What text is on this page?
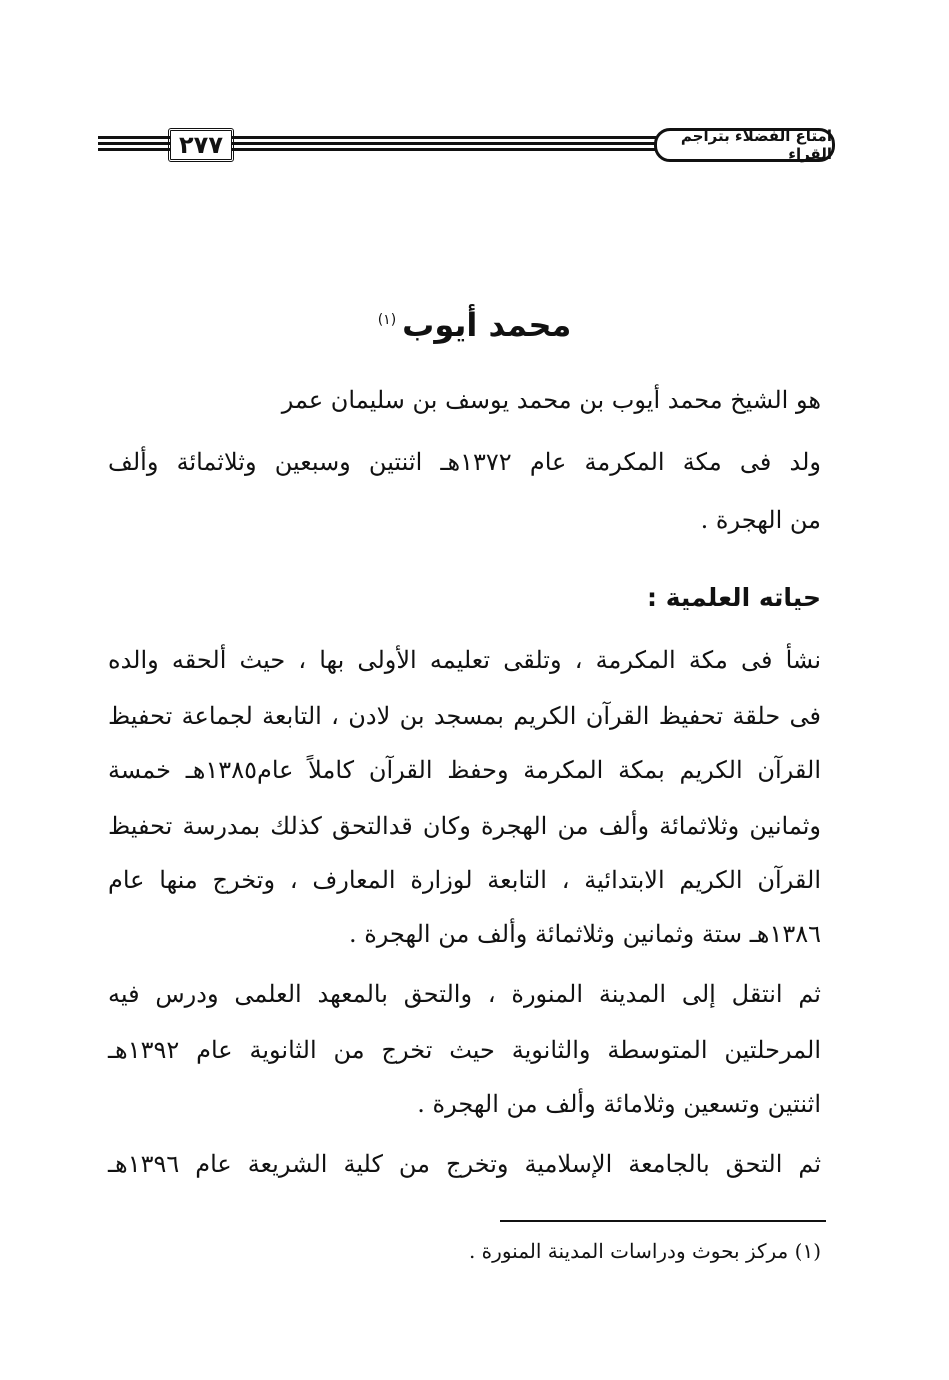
٢٧٧	امتاع الفضلاء بتراجم القراء
محمد أيوب$^{(١)}$
هو الشيخ محمد أيوب بن محمد يوسف بن سليمان عمر
ولد فى مكة المكرمة عام ١٣٧٢هـ اثنتين وسبعين وثلاثمائة وألف
من الهجرة .
حياته العلمية :
نشأ فى مكة المكرمة ، وتلقى تعليمه الأولى بها ، حيث ألحقه والده
فى حلقة تحفيظ القرآن الكريم بمسجد بن لادن ، التابعة لجماعة تحفيظ
القرآن الكريم بمكة المكرمة وحفظ القرآن كاملاً عام١٣٨٥هـ خمسة
وثمانين وثلاثمائة وألف من الهجرة وكان قدالتحق كذلك بمدرسة تحفيظ
القرآن الكريم الابتدائية ، التابعة لوزارة المعارف ، وتخرج منها عام
١٣٨٦هـ ستة وثمانين وثلاثمائة وألف من الهجرة .
ثم انتقل إلى المدينة المنورة ، والتحق بالمعهد العلمى ودرس فيه
المرحلتين المتوسطة والثانوية حيث تخرج من الثانوية عام ١٣٩٢هـ
اثنتين وتسعين وثلامائة وألف من الهجرة .
ثم التحق بالجامعة الإسلامية وتخرج من كلية الشريعة عام ١٣٩٦هـ
(١) مركز بحوث ودراسات المدينة المنورة .
